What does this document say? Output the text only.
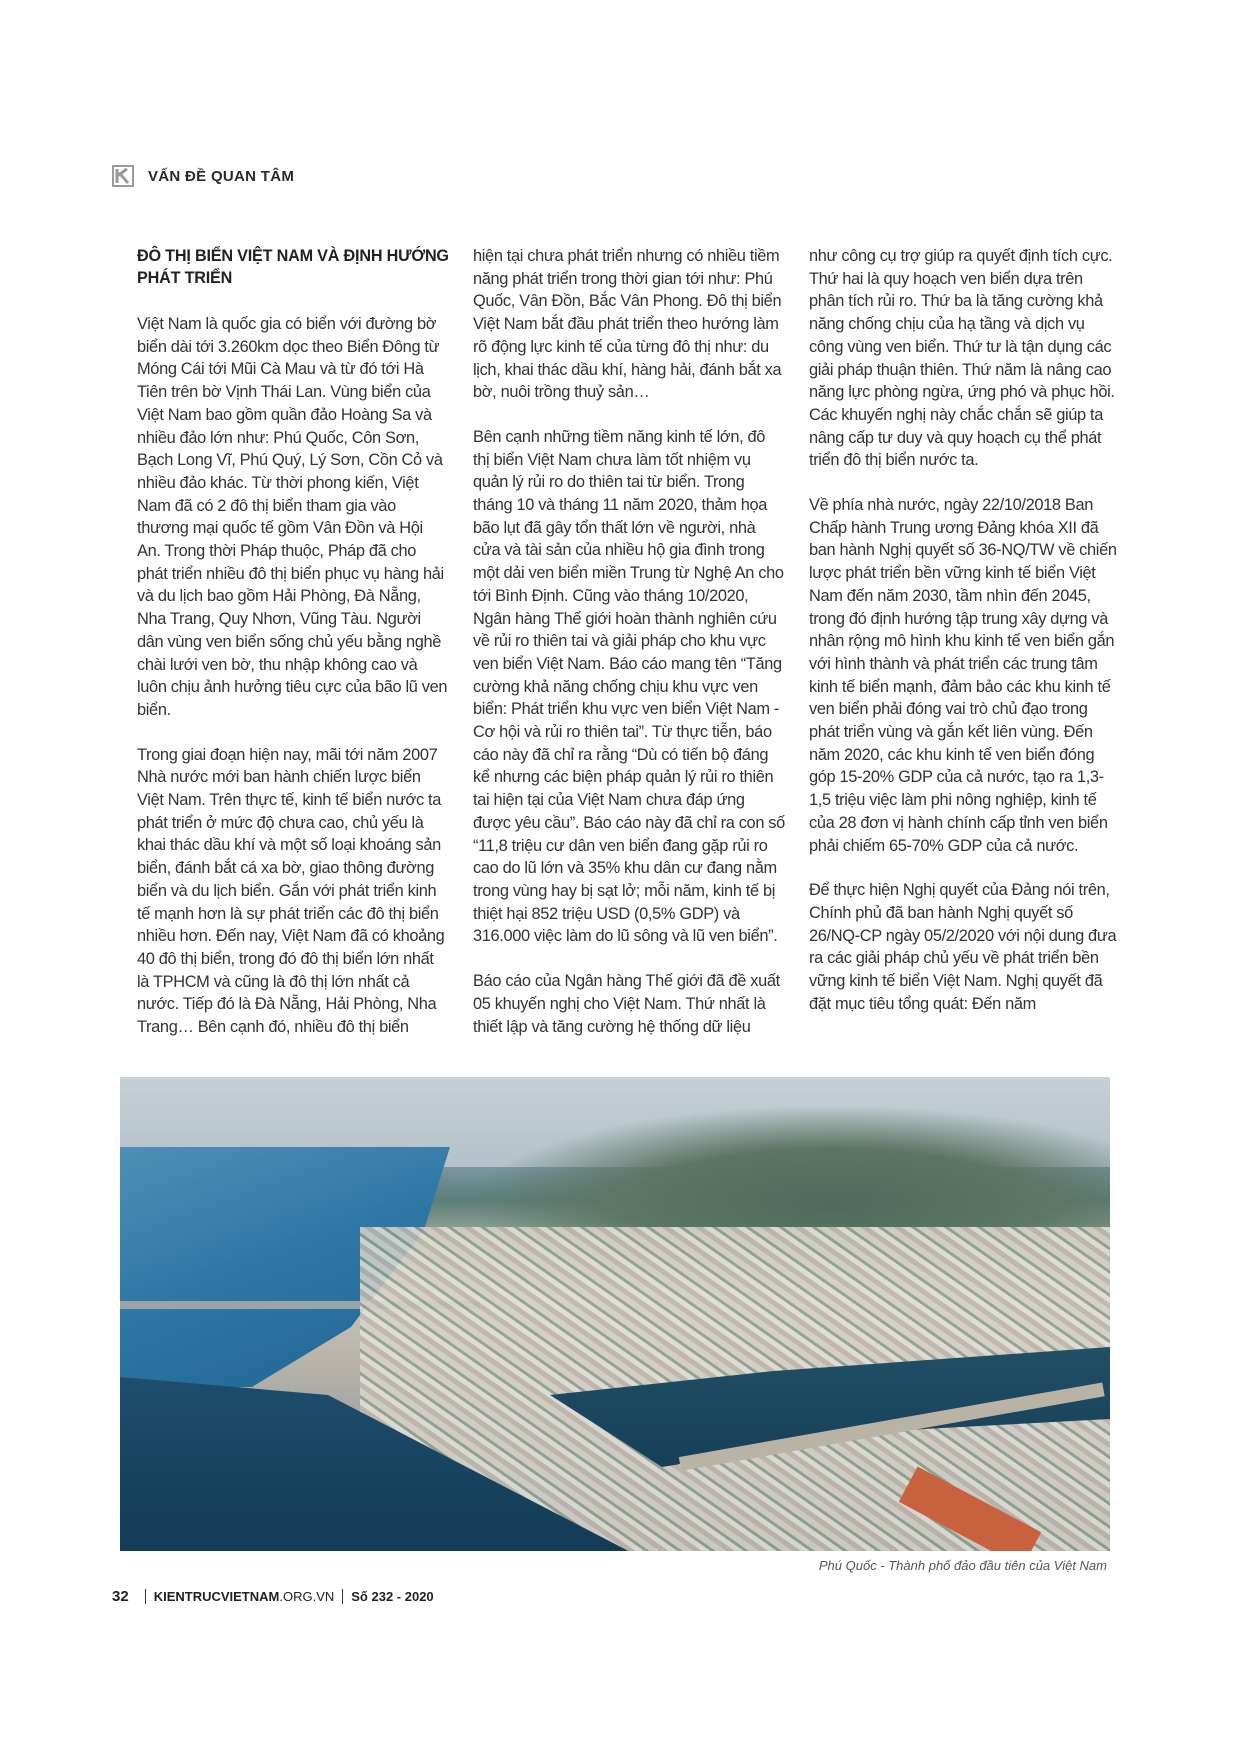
VẤN ĐỀ QUAN TÂM
ĐÔ THỊ BIỂN VIỆT NAM VÀ ĐỊNH HƯỚNG PHÁT TRIỂN

Việt Nam là quốc gia có biển với đường bờ biển dài tới 3.260km dọc theo Biển Đông từ Móng Cái tới Mũi Cà Mau và từ đó tới Hà Tiên trên bờ Vịnh Thái Lan. Vùng biển của Việt Nam bao gồm quần đảo Hoàng Sa và nhiều đảo lớn như: Phú Quốc, Côn Sơn, Bạch Long Vĩ, Phú Quý, Lý Sơn, Cồn Cỏ và nhiều đảo khác. Từ thời phong kiến, Việt Nam đã có 2 đô thị biển tham gia vào thương mại quốc tế gồm Vân Đồn và Hội An. Trong thời Pháp thuộc, Pháp đã cho phát triển nhiều đô thị biển phục vụ hàng hải và du lịch bao gồm Hải Phòng, Đà Nẵng, Nha Trang, Quy Nhơn, Vũng Tàu. Người dân vùng ven biển sống chủ yếu bằng nghề chài lưới ven bờ, thu nhập không cao và luôn chịu ảnh hưởng tiêu cực của bão lũ ven biển.

Trong giai đoạn hiện nay, mãi tới năm 2007 Nhà nước mới ban hành chiến lược biển Việt Nam. Trên thực tế, kinh tế biển nước ta phát triển ở mức độ chưa cao, chủ yếu là khai thác dầu khí và một số loại khoáng sản biển, đánh bắt cá xa bờ, giao thông đường biển và du lịch biển. Gắn với phát triển kinh tế mạnh hơn là sự phát triển các đô thị biển nhiều hơn. Đến nay, Việt Nam đã có khoảng 40 đô thị biển, trong đó đô thị biển lớn nhất là TPHCM và cũng là đô thị lớn nhất cả nước. Tiếp đó là Đà Nẵng, Hải Phòng, Nha Trang… Bên cạnh đó, nhiều đô thị biển

hiện tại chưa phát triển nhưng có nhiều tiềm năng phát triển trong thời gian tới như: Phú Quốc, Vân Đồn, Bắc Vân Phong. Đô thị biển Việt Nam bắt đầu phát triển theo hướng làm rõ động lực kinh tế của từng đô thị như: du lịch, khai thác dầu khí, hàng hải, đánh bắt xa bờ, nuôi trồng thuỷ sản…

Bên cạnh những tiềm năng kinh tế lớn, đô thị biển Việt Nam chưa làm tốt nhiệm vụ quản lý rủi ro do thiên tai từ biển. Trong tháng 10 và tháng 11 năm 2020, thảm họa bão lụt đã gây tổn thất lớn về người, nhà cửa và tài sản của nhiều hộ gia đình trong một dải ven biển miền Trung từ Nghệ An cho tới Bình Định. Cũng vào tháng 10/2020, Ngân hàng Thế giới hoàn thành nghiên cứu về rủi ro thiên tai và giải pháp cho khu vực ven biển Việt Nam. Báo cáo mang tên “Tăng cường khả năng chống chịu khu vực ven biển: Phát triển khu vực ven biển Việt Nam - Cơ hội và rủi ro thiên tai”. Từ thực tiễn, báo cáo này đã chỉ ra rằng “Dù có tiến bộ đáng kể nhưng các biện pháp quản lý rủi ro thiên tai hiện tại của Việt Nam chưa đáp ứng được yêu cầu”. Báo cáo này đã chỉ ra con số “11,8 triệu cư dân ven biển đang gặp rủi ro cao do lũ lớn và 35% khu dân cư đang nằm trong vùng hay bị sạt lở; mỗi năm, kinh tế bị thiệt hại 852 triệu USD (0,5% GDP) và 316.000 việc làm do lũ sông và lũ ven biển”.

Báo cáo của Ngân hàng Thế giới đã đề xuất 05 khuyến nghị cho Việt Nam. Thứ nhất là thiết lập và tăng cường hệ thống dữ liệu

như công cụ trợ giúp ra quyết định tích cực. Thứ hai là quy hoạch ven biển dựa trên phân tích rủi ro. Thứ ba là tăng cường khả năng chống chịu của hạ tầng và dịch vụ công vùng ven biển. Thứ tư là tận dụng các giải pháp thuận thiên. Thứ năm là nâng cao năng lực phòng ngừa, ứng phó và phục hồi. Các khuyến nghị này chắc chắn sẽ giúp ta nâng cấp tư duy và quy hoạch cụ thể phát triển đô thị biển nước ta.

Về phía nhà nước, ngày 22/10/2018 Ban Chấp hành Trung ương Đảng khóa XII đã ban hành Nghị quyết số 36-NQ/TW về chiến lược phát triển bền vững kinh tế biển Việt Nam đến năm 2030, tầm nhìn đến 2045, trong đó định hướng tập trung xây dựng và nhân rộng mô hình khu kinh tế ven biển gắn với hình thành và phát triển các trung tâm kinh tế biển mạnh, đảm bảo các khu kinh tế ven biển phải đóng vai trò chủ đạo trong phát triển vùng và gắn kết liên vùng. Đến năm 2020, các khu kinh tế ven biển đóng góp 15-20% GDP của cả nước, tạo ra 1,3-1,5 triệu việc làm phi nông nghiệp, kinh tế của 28 đơn vị hành chính cấp tỉnh ven biển phải chiếm 65-70% GDP của cả nước.

Để thực hiện Nghị quyết của Đảng nói trên, Chính phủ đã ban hành Nghị quyết số 26/NQ-CP ngày 05/2/2020 với nội dung đưa ra các giải pháp chủ yếu về phát triển bền vững kinh tế biển Việt Nam. Nghị quyết đã đặt mục tiêu tổng quát: Đến năm

Phú Quốc - Thành phố đảo đầu tiên của Việt Nam
32 KIENTRUCVIETNAM.ORG.VN Số 232 - 2020
